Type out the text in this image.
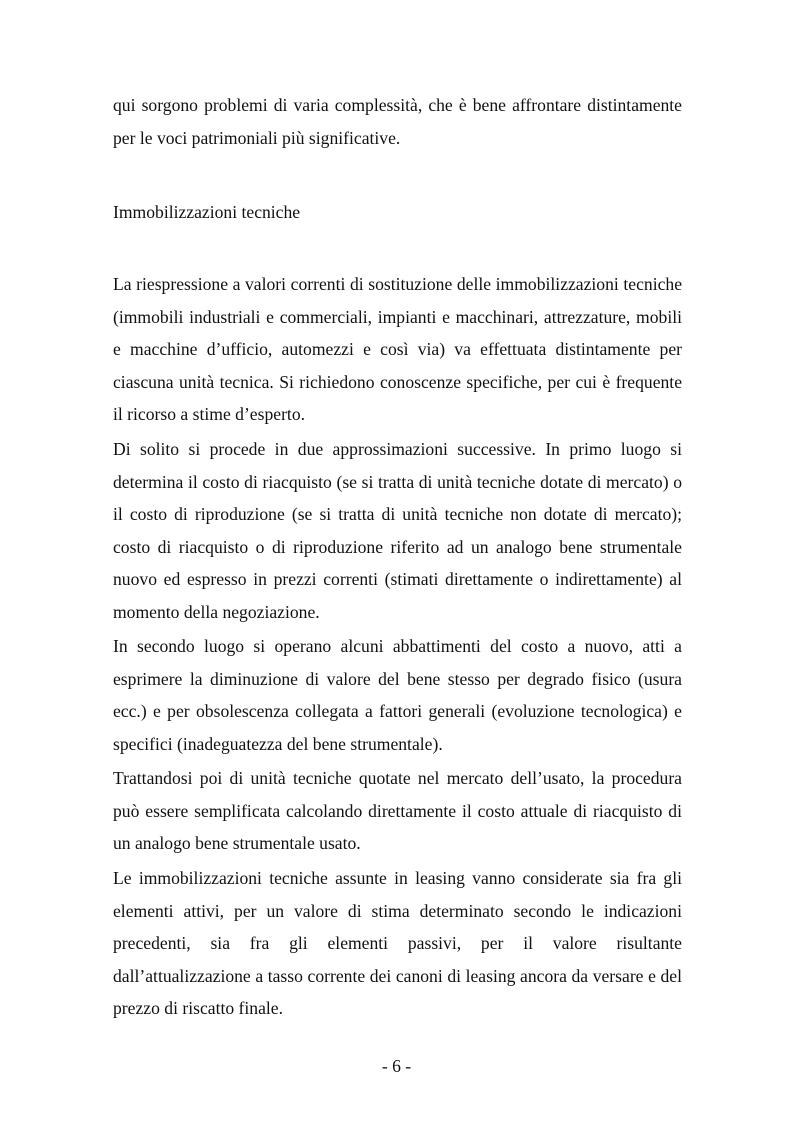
qui sorgono problemi di varia complessità, che è bene affrontare distintamente per le voci patrimoniali più significative.

Immobilizzazioni tecniche

La riespressione a valori correnti di sostituzione delle immobilizzazioni tecniche (immobili industriali e commerciali, impianti e macchinari, attrezzature, mobili e macchine d’ufficio, automezzi e così via) va effettuata distintamente per ciascuna unità tecnica. Si richiedono conoscenze specifiche, per cui è frequente il ricorso a stime d’esperto.

Di solito si procede in due approssimazioni successive. In primo luogo si determina il costo di riacquisto (se si tratta di unità tecniche dotate di mercato) o il costo di riproduzione (se si tratta di unità tecniche non dotate di mercato); costo di riacquisto o di riproduzione riferito ad un analogo bene strumentale nuovo ed espresso in prezzi correnti (stimati direttamente o indirettamente) al momento della negoziazione.

In secondo luogo si operano alcuni abbattimenti del costo a nuovo, atti a esprimere la diminuzione di valore del bene stesso per degrado fisico (usura ecc.) e per obsolescenza collegata a fattori generali (evoluzione tecnologica) e specifici (inadeguatezza del bene strumentale).

Trattandosi poi di unità tecniche quotate nel mercato dell’usato, la procedura può essere semplificata calcolando direttamente il costo attuale di riacquisto di un analogo bene strumentale usato.

Le immobilizzazioni tecniche assunte in leasing vanno considerate sia fra gli elementi attivi, per un valore di stima determinato secondo le indicazioni precedenti, sia fra gli elementi passivi, per il valore risultante dall’attualizzazione a tasso corrente dei canoni di leasing ancora da versare e del prezzo di riscatto finale.

- 6 -
